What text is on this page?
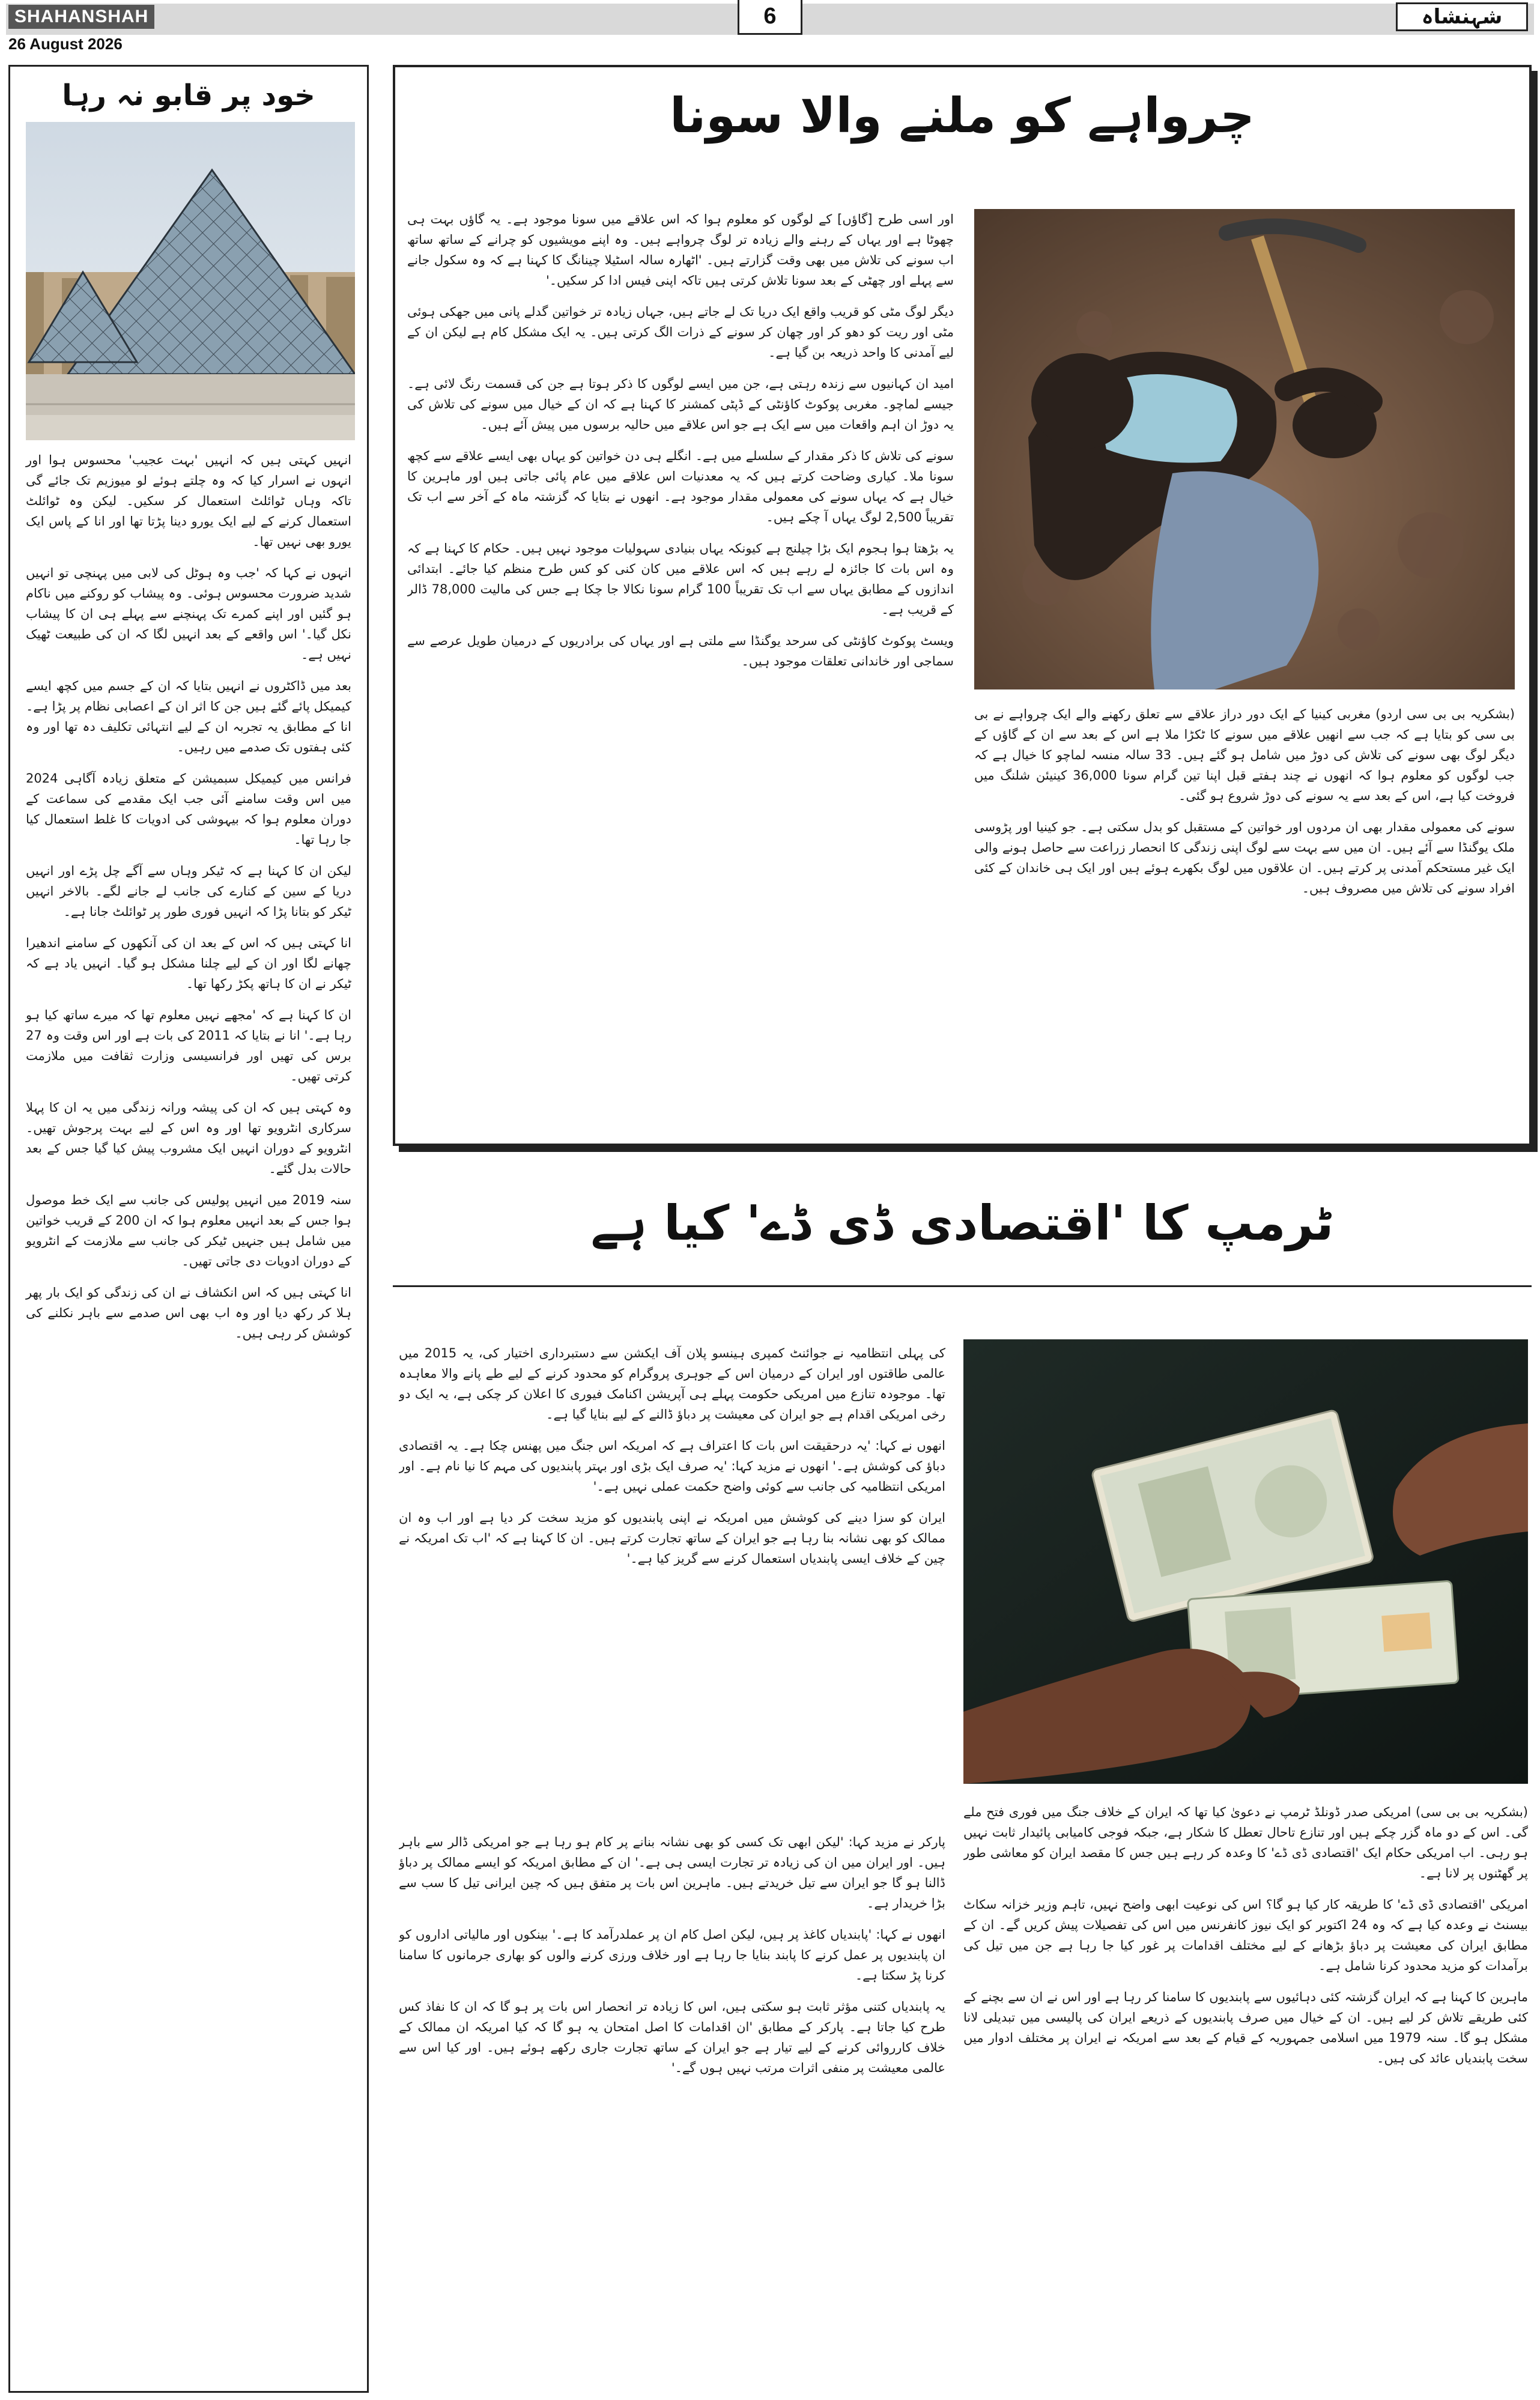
SHAHANSHAH
26 August 2026
6	شہنشاہ
خود پر قابو نہ رہا

انہیں کہتی ہیں کہ انہیں 'بہت عجیب' محسوس ہوا اور انہوں نے اسرار کیا کہ وہ چلتے ہوئے لو میوزیم تک جائے گی تاکہ وہاں ٹوائلٹ استعمال کر سکیں۔ لیکن وہ ٹوائلٹ استعمال کرنے کے لیے ایک یورو دینا پڑتا تھا اور انا کے پاس ایک یورو بھی نہیں تھا۔

انہوں نے کہا کہ 'جب وہ ہوٹل کی لابی میں پہنچی تو انہیں شدید ضرورت محسوس ہوئی۔ وہ پیشاب کو روکنے میں ناکام ہو گئیں اور اپنے کمرے تک پہنچنے سے پہلے ہی ان کا پیشاب نکل گیا۔' اس واقعے کے بعد انہیں لگا کہ ان کی طبیعت ٹھیک نہیں ہے۔

بعد میں ڈاکٹروں نے انہیں بتایا کہ ان کے جسم میں کچھ ایسے کیمیکل پائے گئے ہیں جن کا اثر ان کے اعصابی نظام پر پڑا ہے۔ انا کے مطابق یہ تجربہ ان کے لیے انتہائی تکلیف دہ تھا اور وہ کئی ہفتوں تک صدمے میں رہیں۔

فرانس میں کیمیکل سبمیشن کے متعلق زیادہ آگاہی 2024 میں اس وقت سامنے آئی جب ایک مقدمے کی سماعت کے دوران معلوم ہوا کہ بیہوشی کی ادویات کا غلط استعمال کیا جا رہا تھا۔

لیکن ان کا کہنا ہے کہ ٹیکر وہاں سے آگے چل پڑے اور انہیں دریا کے سین کے کنارے کی جانب لے جانے لگے۔ بالاخر انہیں ٹیکر کو بتانا پڑا کہ انہیں فوری طور پر ٹوائلٹ جانا ہے۔

انا کہتی ہیں کہ اس کے بعد ان کی آنکھوں کے سامنے اندھیرا چھانے لگا اور ان کے لیے چلنا مشکل ہو گیا۔ انہیں یاد ہے کہ ٹیکر نے ان کا ہاتھ پکڑ رکھا تھا۔

ان کا کہنا ہے کہ 'مجھے نہیں معلوم تھا کہ میرے ساتھ کیا ہو رہا ہے۔' انا نے بتایا کہ 2011 کی بات ہے اور اس وقت وہ 27 برس کی تھیں اور فرانسیسی وزارت ثقافت میں ملازمت کرتی تھیں۔

وہ کہتی ہیں کہ ان کی پیشہ ورانہ زندگی میں یہ ان کا پہلا سرکاری انٹرویو تھا اور وہ اس کے لیے بہت پرجوش تھیں۔ انٹرویو کے دوران انہیں ایک مشروب پیش کیا گیا جس کے بعد حالات بدل گئے۔

سنہ 2019 میں انہیں پولیس کی جانب سے ایک خط موصول ہوا جس کے بعد انہیں معلوم ہوا کہ ان 200 کے قریب خواتین میں شامل ہیں جنہیں ٹیکر کی جانب سے ملازمت کے انٹرویو کے دوران ادویات دی جاتی تھیں۔

انا کہتی ہیں کہ اس انکشاف نے ان کی زندگی کو ایک بار پھر ہلا کر رکھ دیا اور وہ اب بھی اس صدمے سے باہر نکلنے کی کوشش کر رہی ہیں۔

چرواہے کو ملنے والا سونا

(بشکریہ بی بی سی اردو) مغربی کینیا کے ایک دور دراز علاقے سے تعلق رکھنے والے ایک چرواہے نے بی بی سی کو بتایا ہے کہ جب سے انھیں علاقے میں سونے کا ٹکڑا ملا ہے اس کے بعد سے ان کے گاؤں کے دیگر لوگ بھی سونے کی تلاش کی دوڑ میں شامل ہو گئے ہیں۔ 33 سالہ منسہ لماچو کا خیال ہے کہ جب لوگوں کو معلوم ہوا کہ انھوں نے چند ہفتے قبل اپنا تین گرام سونا 36,000 کینیئن شلنگ میں فروخت کیا ہے، اس کے بعد سے یہ سونے کی دوڑ شروع ہو گئی۔

سونے کی معمولی مقدار بھی ان مردوں اور خواتین کے مستقبل کو بدل سکتی ہے۔ جو کینیا اور پڑوسی ملک یوگنڈا سے آئے ہیں۔ ان میں سے بہت سے لوگ اپنی زندگی کا انحصار زراعت سے حاصل ہونے والی ایک غیر مستحکم آمدنی پر کرتے ہیں۔ ان علاقوں میں لوگ بکھرے ہوئے ہیں اور ایک ہی خاندان کے کئی افراد سونے کی تلاش میں مصروف ہیں۔

اور اسی طرح [گاؤں] کے لوگوں کو معلوم ہوا کہ اس علاقے میں سونا موجود ہے۔ یہ گاؤں بہت ہی چھوٹا ہے اور یہاں کے رہنے والے زیادہ تر لوگ چرواہے ہیں۔ وہ اپنے مویشیوں کو چرانے کے ساتھ ساتھ اب سونے کی تلاش میں بھی وقت گزارتے ہیں۔ 'اٹھارہ سالہ اسٹیلا چینانگ کا کہنا ہے کہ وہ سکول جانے سے پہلے اور چھٹی کے بعد سونا تلاش کرتی ہیں تاکہ اپنی فیس ادا کر سکیں۔'

دیگر لوگ مٹی کو قریب واقع ایک دریا تک لے جاتے ہیں، جہاں زیادہ تر خواتین گدلے پانی میں جھکی ہوئی مٹی اور ریت کو دھو کر اور چھان کر سونے کے ذرات الگ کرتی ہیں۔ یہ ایک مشکل کام ہے لیکن ان کے لیے آمدنی کا واحد ذریعہ بن گیا ہے۔

امید ان کہانیوں سے زندہ رہتی ہے، جن میں ایسے لوگوں کا ذکر ہوتا ہے جن کی قسمت رنگ لائی ہے۔ جیسے لماچو۔ مغربی پوکوٹ کاؤنٹی کے ڈپٹی کمشنر کا کہنا ہے کہ ان کے خیال میں سونے کی تلاش کی یہ دوڑ ان اہم واقعات میں سے ایک ہے جو اس علاقے میں حالیہ برسوں میں پیش آئے ہیں۔

سونے کی تلاش کا ذکر مقدار کے سلسلے میں ہے۔ انگلے ہی دن خواتین کو یہاں بھی ایسے علاقے سے کچھ سونا ملا۔ کیاری وضاحت کرتے ہیں کہ یہ معدنیات اس علاقے میں عام پائی جاتی ہیں اور ماہرین کا خیال ہے کہ یہاں سونے کی معمولی مقدار موجود ہے۔ انھوں نے بتایا کہ گزشتہ ماہ کے آخر سے اب تک تقریباً 2,500 لوگ یہاں آ چکے ہیں۔

یہ بڑھتا ہوا ہجوم ایک بڑا چیلنج ہے کیونکہ یہاں بنیادی سہولیات موجود نہیں ہیں۔ حکام کا کہنا ہے کہ وہ اس بات کا جائزہ لے رہے ہیں کہ اس علاقے میں کان کنی کو کس طرح منظم کیا جائے۔ ابتدائی اندازوں کے مطابق یہاں سے اب تک تقریباً 100 گرام سونا نکالا جا چکا ہے جس کی مالیت 78,000 ڈالر کے قریب ہے۔

ویسٹ پوکوٹ کاؤنٹی کی سرحد یوگنڈا سے ملتی ہے اور یہاں کی برادریوں کے درمیان طویل عرصے سے سماجی اور خاندانی تعلقات موجود ہیں۔

ٹرمپ کا 'اقتصادی ڈی ڈے' کیا ہے

کی پہلی انتظامیہ نے جوائنٹ کمپری ہینسو پلان آف ایکشن سے دستبرداری اختیار کی، یہ 2015 میں عالمی طاقتوں اور ایران کے درمیان اس کے جوہری پروگرام کو محدود کرنے کے لیے طے پانے والا معاہدہ تھا۔ موجودہ تنازع میں امریکی حکومت پہلے ہی آپریشن اکنامک فیوری کا اعلان کر چکی ہے، یہ ایک دو رخی امریکی اقدام ہے جو ایران کی معیشت پر دباؤ ڈالنے کے لیے بنایا گیا ہے۔

انھوں نے کہا: 'یہ درحقیقت اس بات کا اعتراف ہے کہ امریکہ اس جنگ میں پھنس چکا ہے۔ یہ اقتصادی دباؤ کی کوشش ہے۔' انھوں نے مزید کہا: 'یہ صرف ایک بڑی اور بہتر پابندیوں کی مہم کا نیا نام ہے۔ اور امریکی انتظامیہ کی جانب سے کوئی واضح حکمت عملی نہیں ہے۔'

ایران کو سزا دینے کی کوشش میں امریکہ نے اپنی پابندیوں کو مزید سخت کر دیا ہے اور اب وہ ان ممالک کو بھی نشانہ بنا رہا ہے جو ایران کے ساتھ تجارت کرتے ہیں۔ ان کا کہنا ہے کہ 'اب تک امریکہ نے چین کے خلاف ایسی پابندیاں استعمال کرنے سے گریز کیا ہے۔'

(بشکریہ بی بی سی) امریکی صدر ڈونلڈ ٹرمپ نے دعویٰ کیا تھا کہ ایران کے خلاف جنگ میں فوری فتح ملے گی۔ اس کے دو ماہ گزر چکے ہیں اور تنازع تاحال تعطل کا شکار ہے، جبکہ فوجی کامیابی پائیدار ثابت نہیں ہو رہی۔ اب امریکی حکام ایک 'اقتصادی ڈی ڈے' کا وعدہ کر رہے ہیں جس کا مقصد ایران کو معاشی طور پر گھٹنوں پر لانا ہے۔

امریکی 'اقتصادی ڈی ڈے' کا طریقہ کار کیا ہو گا؟ اس کی نوعیت ابھی واضح نہیں، تاہم وزیر خزانہ سکاٹ بیسنٹ نے وعدہ کیا ہے کہ وہ 24 اکتوبر کو ایک نیوز کانفرنس میں اس کی تفصیلات پیش کریں گے۔ ان کے مطابق ایران کی معیشت پر دباؤ بڑھانے کے لیے مختلف اقدامات پر غور کیا جا رہا ہے جن میں تیل کی برآمدات کو مزید محدود کرنا شامل ہے۔

ماہرین کا کہنا ہے کہ ایران گزشتہ کئی دہائیوں سے پابندیوں کا سامنا کر رہا ہے اور اس نے ان سے بچنے کے کئی طریقے تلاش کر لیے ہیں۔ ان کے خیال میں صرف پابندیوں کے ذریعے ایران کی پالیسی میں تبدیلی لانا مشکل ہو گا۔ سنہ 1979 میں اسلامی جمہوریہ کے قیام کے بعد سے امریکہ نے ایران پر مختلف ادوار میں سخت پابندیاں عائد کی ہیں۔

پارکر نے مزید کہا: 'لیکن ابھی تک کسی کو بھی نشانہ بنانے پر کام ہو رہا ہے جو امریکی ڈالر سے باہر ہیں۔ اور ایران میں ان کی زیادہ تر تجارت ایسی ہی ہے۔' ان کے مطابق امریکہ کو ایسے ممالک پر دباؤ ڈالنا ہو گا جو ایران سے تیل خریدتے ہیں۔ ماہرین اس بات پر متفق ہیں کہ چین ایرانی تیل کا سب سے بڑا خریدار ہے۔

انھوں نے کہا: 'پابندیاں کاغذ پر ہیں، لیکن اصل کام ان پر عملدرآمد کا ہے۔' بینکوں اور مالیاتی اداروں کو ان پابندیوں پر عمل کرنے کا پابند بنایا جا رہا ہے اور خلاف ورزی کرنے والوں کو بھاری جرمانوں کا سامنا کرنا پڑ سکتا ہے۔

یہ پابندیاں کتنی مؤثر ثابت ہو سکتی ہیں، اس کا زیادہ تر انحصار اس بات پر ہو گا کہ ان کا نفاذ کس طرح کیا جاتا ہے۔ پارکر کے مطابق 'ان اقدامات کا اصل امتحان یہ ہو گا کہ کیا امریکہ ان ممالک کے خلاف کارروائی کرنے کے لیے تیار ہے جو ایران کے ساتھ تجارت جاری رکھے ہوئے ہیں۔ اور کیا اس سے عالمی معیشت پر منفی اثرات مرتب نہیں ہوں گے۔'
